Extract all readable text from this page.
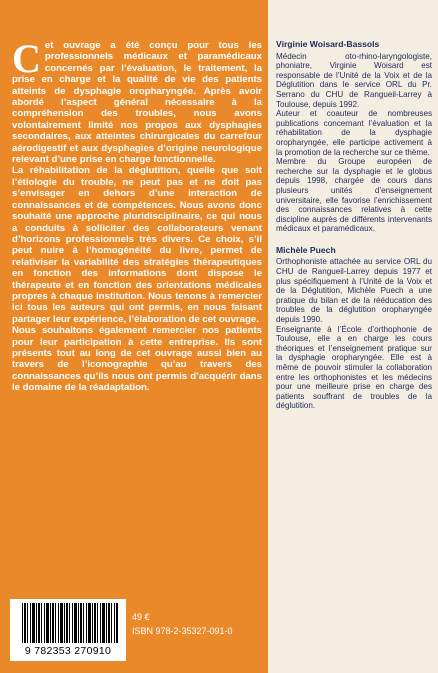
Cet ouvrage a été conçu pour tous les professionnels médicaux et paramédicaux concernés par l’évaluation, le traitement, la prise en charge et la qualité de vie des patients atteints de dysphagie oropharyngée. Après avoir abordé l’aspect général nécessaire à la compréhension des troubles, nous avons volontairement limité nos propos aux dysphagies secondaires, aux atteintes chirurgicales du carrefour aérodigestif et aux dysphagies d’origine neurologique relevant d’une prise en charge fonctionnelle.

La réhabilitation de la déglutition, quelle que soit l’étiologie du trouble, ne peut pas et ne doit pas s’envisager en dehors d’une interaction de connaissances et de compétences. Nous avons donc souhaité une approche pluridisciplinaire, ce qui nous a conduits à solliciter des collaborateurs venant d’horizons professionnels très divers. Ce choix, s’il peut nuire à l’homogénéité du livre, permet de relativiser la variabilité des stratégies thérapeutiques en fonction des informations dont dispose le thérapeute et en fonction des orientations médicales propres à chaque institution. Nous tenons à remercier ici tous les auteurs qui ont permis, en nous faisant partager leur expérience, l’élaboration de cet ouvrage.

Nous souhaitons également remercier nos patients pour leur participation à cette entreprise. Ils sont présents tout au long de cet ouvrage aussi bien au travers de l’iconographie qu’au travers des connaissances qu’ils nous ont permis d’acquérir dans le domaine de la réadaptation.

9 782353 270910
49 €
ISBN 978-2-35327-091-0
Virginie Woisard-Bassols

Médecin oto-rhino-laryngologiste, phoniatre, Virginie Woisard est responsable de l’Unité de la Voix et de la Déglutition dans le service ORL du Pr. Serrano du CHU de Rangueil-Larrey à Toulouse, depuis 1992.

Auteur et coauteur de nombreuses publications concernant l’évaluation et la réhabilitation de la dysphagie oropharyngée, elle participe activement à la promotion de la recherche sur ce thème.

Membre du Groupe européen de recherche sur la dysphagie et le globus depuis 1998, chargée de cours dans plusieurs unités d’enseignement universitaire, elle favorise l’enrichissement des connaissances relatives à cette discipline auprès de différents intervenants médicaux et paramédicaux.

Michèle Puech

Orthophoniste attachée au service ORL du CHU de Rangueil-Larrey depuis 1977 et plus spécifiquement à l’Unité de la Voix et de la Déglutition, Michèle Puech a une pratique du bilan et de la rééducation des troubles de la déglutition oropharyngée depuis 1990.

Enseignante à l’École d’orthophonie de Toulouse, elle a en charge les cours théoriques et l’enseignement pratique sur la dysphagie oropharyngée. Elle est à même de pouvoir stimuler la collaboration entre les orthophonistes et les médecins pour une meilleure prise en charge des patients souffrant de troubles de la déglutition.
